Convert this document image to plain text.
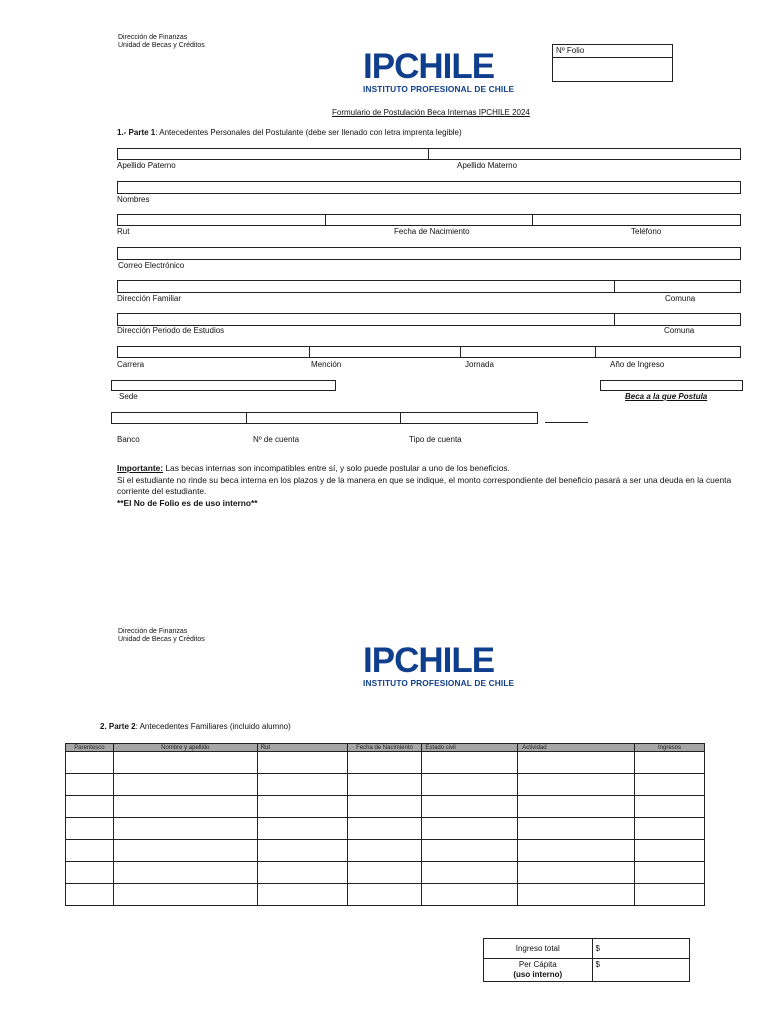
Dirección de Finanzas
Unidad de Becas y Créditos
IPCHILE
INSTITUTO PROFESIONAL DE CHILE
Nº Folio
Formulario de Postulación Beca Internas IPCHILE 2024
1.- Parte 1: Antecedentes Personales del Postulante (debe ser llenado con letra imprenta legible)
Apellido Paterno	Apellido Materno
Nombres
Rut	Fecha de Nacimiento	Teléfono
Correo Electrónico
Dirección Familiar	Comuna
Dirección Periodo de Estudios	Comuna
Carrera	Mención	Jornada	Año de Ingreso
Sede	Beca a la que Postula
Banco	Nº de cuenta	Tipo de cuenta
Importante: Las becas internas son incompatibles entre sí, y solo puede postular a uno de los beneficios.
Si el estudiante no rinde su beca interna en los plazos y de la manera en que se indique, el monto correspondiente del beneficio pasará a ser una deuda en la cuenta corriente del estudiante.
**El No de Folio es de uso interno**
Dirección de Finanzas
Unidad de Becas y Créditos
IPCHILE
INSTITUTO PROFESIONAL DE CHILE
2. Parte 2: Antecedentes Familiares (incluido alumno)
Parentesco	Nombre y apellido	Rut	Fecha de Nacimiento	Estado civil	Actividad	Ingresos

Ingreso total	$

Per Cápita
(uso interno)	$
